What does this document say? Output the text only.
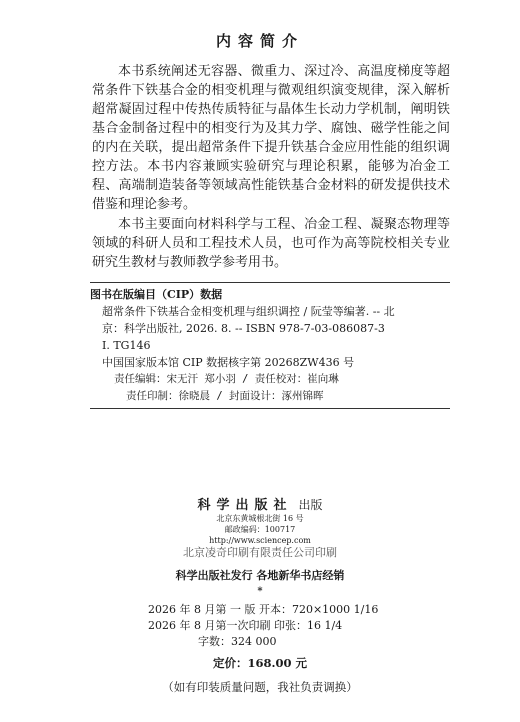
内容简介

本书系统阐述无容器、微重力、深过冷、高温度梯度等超常条件下铁基合金的相变机理与微观组织演变规律，深入解析超常凝固过程中传热传质特征与晶体生长动力学机制，阐明铁基合金制备过程中的相变行为及其力学、腐蚀、磁学性能之间的内在关联，提出超常条件下提升铁基合金应用性能的组织调控方法。本书内容兼顾实验研究与理论积累，能够为冶金工程、高端制造装备等领域高性能铁基合金材料的研发提供技术借鉴和理论参考。

本书主要面向材料科学与工程、冶金工程、凝聚态物理等领域的科研人员和工程技术人员，也可作为高等院校相关专业研究生教材与教师教学参考用书。

图书在版编目（CIP）数据
超常条件下铁基合金相变机理与组织调控 / 阮莹等编著. -- 北
京：科学出版社, 2026. 8. -- ISBN 978-7-03-086087-3
Ⅰ. TG146
中国国家版本馆 CIP 数据核字第 20268ZW436 号
责任编辑：宋无汗 郑小羽 / 责任校对：崔向琳
责任印制：徐晓晨 / 封面设计：涿州锦晖
科学出版社 出版
北京东黄城根北街 16 号
邮政编码：100717
http://www.sciencep.com
北京凌奇印刷有限责任公司印刷
科学出版社发行 各地新华书店经销
*
2026 年 8 月第 一 版 开本：720×1000 1/16
2026 年 8 月第一次印刷 印张：16 1/4
字数：324 000
定价：168.00 元
（如有印装质量问题，我社负责调换）
